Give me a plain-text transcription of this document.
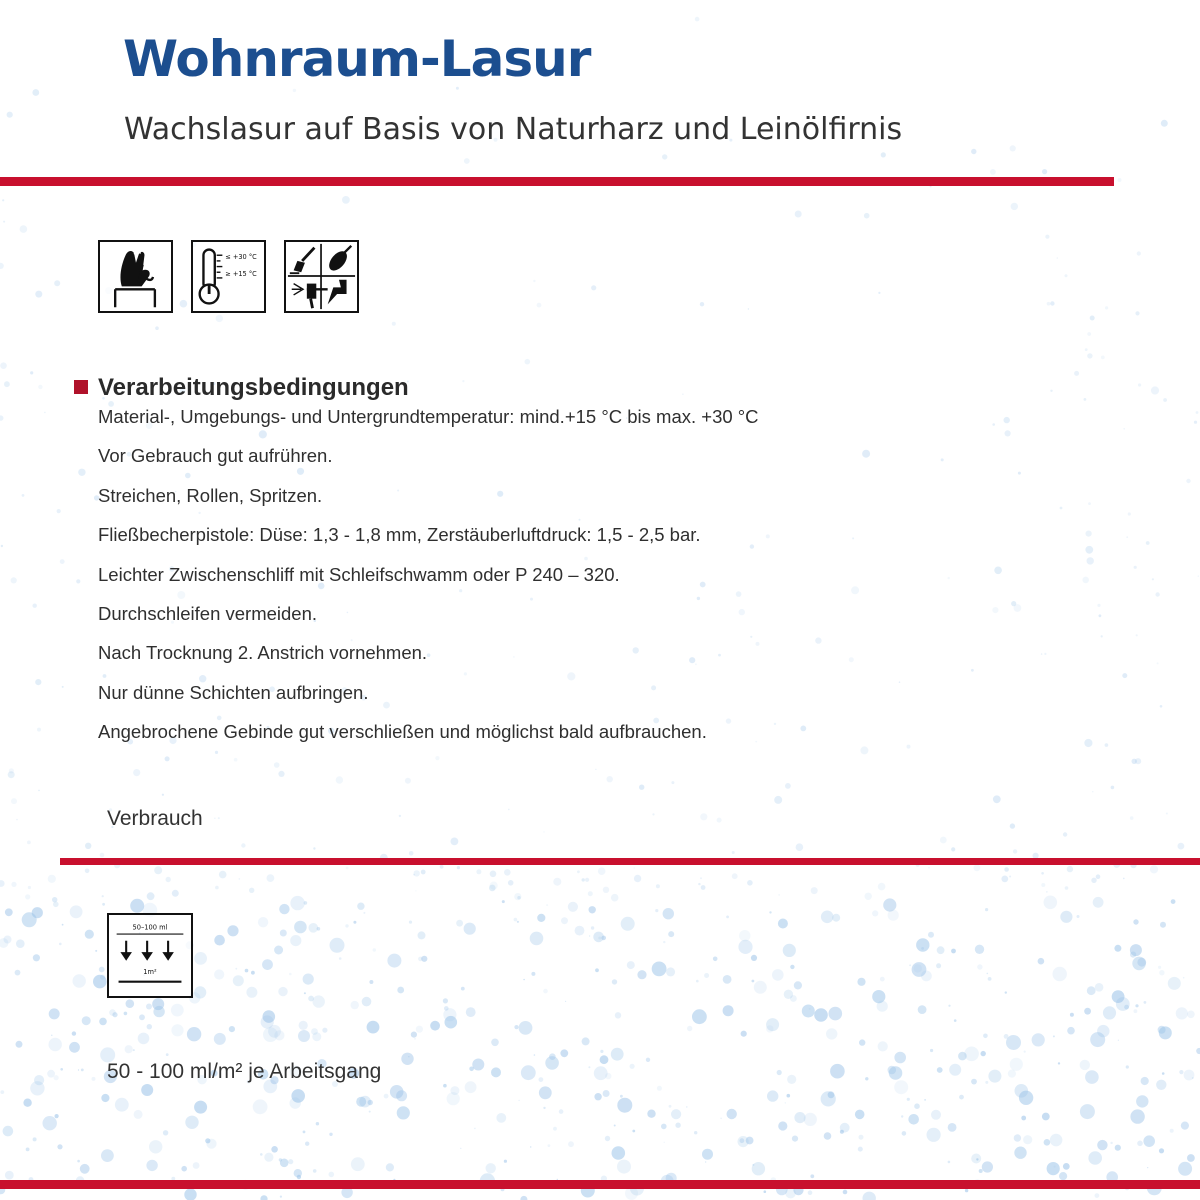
Wohnraum-Lasur
Wachslasur auf Basis von Naturharz und Leinölfirnis
≤ +30 °C
≥ +15 °C
Verarbeitungsbedingungen
Material-, Umgebungs- und Untergrundtemperatur: mind.+15 °C bis max. +30 °C
Vor Gebrauch gut aufrühren.
Streichen, Rollen, Spritzen.
Fließbecherpistole: Düse: 1,3 - 1,8 mm, Zerstäuberluftdruck: 1,5 - 2,5 bar.
Leichter Zwischenschliff mit Schleifschwamm oder P 240 – 320.
Durchschleifen vermeiden.
Nach Trocknung 2. Anstrich vornehmen.
Nur dünne Schichten aufbringen.
Angebrochene Gebinde gut verschließen und möglichst bald aufbrauchen.
Verbrauch
50–100 ml
1m²
50 - 100 ml/m² je Arbeitsgang
